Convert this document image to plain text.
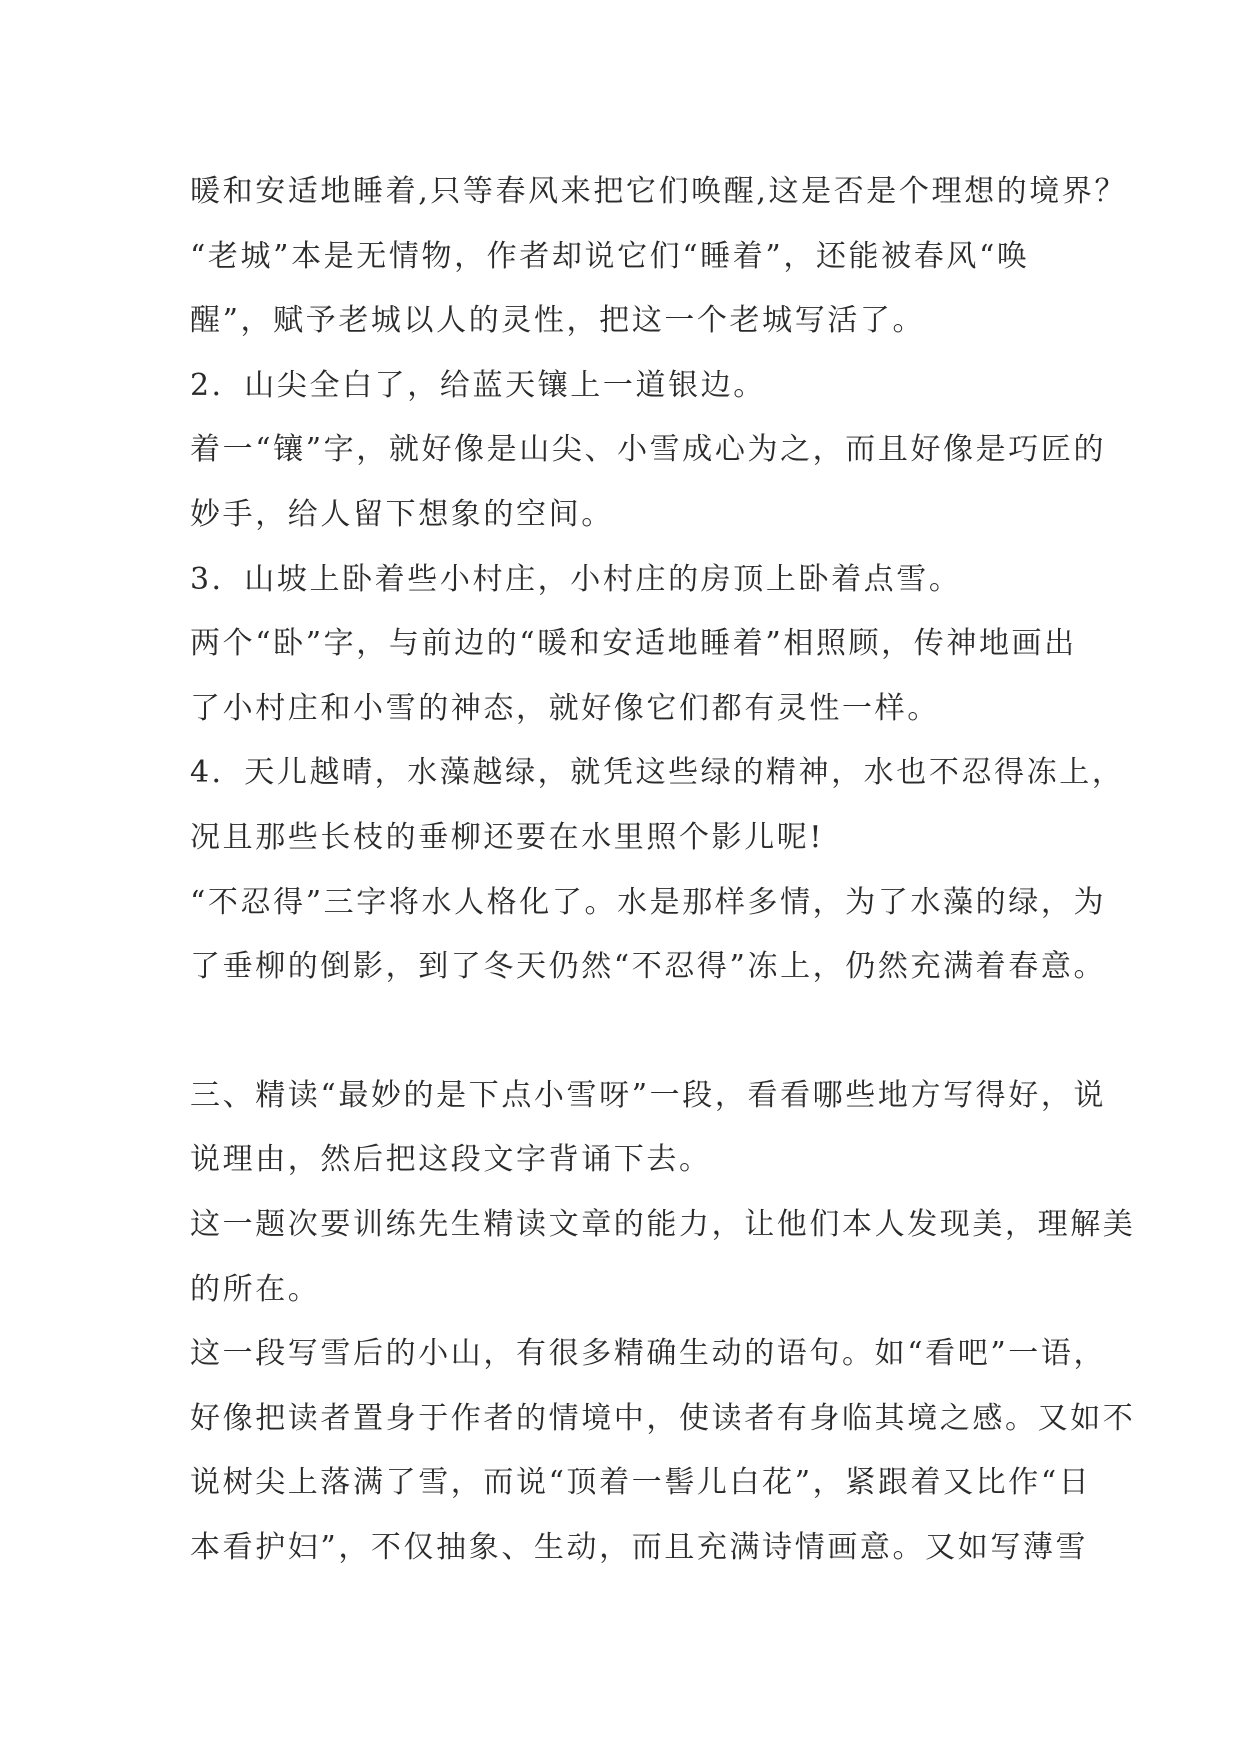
暖和安适地睡着,只等春风来把它们唤醒,这是否是个理想的境界？
“老城”本是无情物，作者却说它们“睡着”，还能被春风“唤
醒”，赋予老城以人的灵性，把这一个老城写活了。
2．山尖全白了，给蓝天镶上一道银边。
着一“镶”字，就好像是山尖、小雪成心为之，而且好像是巧匠的
妙手，给人留下想象的空间。
3．山坡上卧着些小村庄，小村庄的房顶上卧着点雪。
两个“卧”字，与前边的“暖和安适地睡着”相照顾，传神地画出
了小村庄和小雪的神态，就好像它们都有灵性一样。
4．天儿越晴，水藻越绿，就凭这些绿的精神，水也不忍得冻上，
况且那些长枝的垂柳还要在水里照个影儿呢!
“不忍得”三字将水人格化了。水是那样多情，为了水藻的绿，为
了垂柳的倒影，到了冬天仍然“不忍得”冻上，仍然充满着春意。
三、精读“最妙的是下点小雪呀”一段，看看哪些地方写得好，说
说理由，然后把这段文字背诵下去。
这一题次要训练先生精读文章的能力，让他们本人发现美，理解美
的所在。
这一段写雪后的小山，有很多精确生动的语句。如“看吧”一语，
好像把读者置身于作者的情境中，使读者有身临其境之感。又如不
说树尖上落满了雪，而说“顶着一髻儿白花”，紧跟着又比作“日
本看护妇”，不仅抽象、生动，而且充满诗情画意。又如写薄雪
